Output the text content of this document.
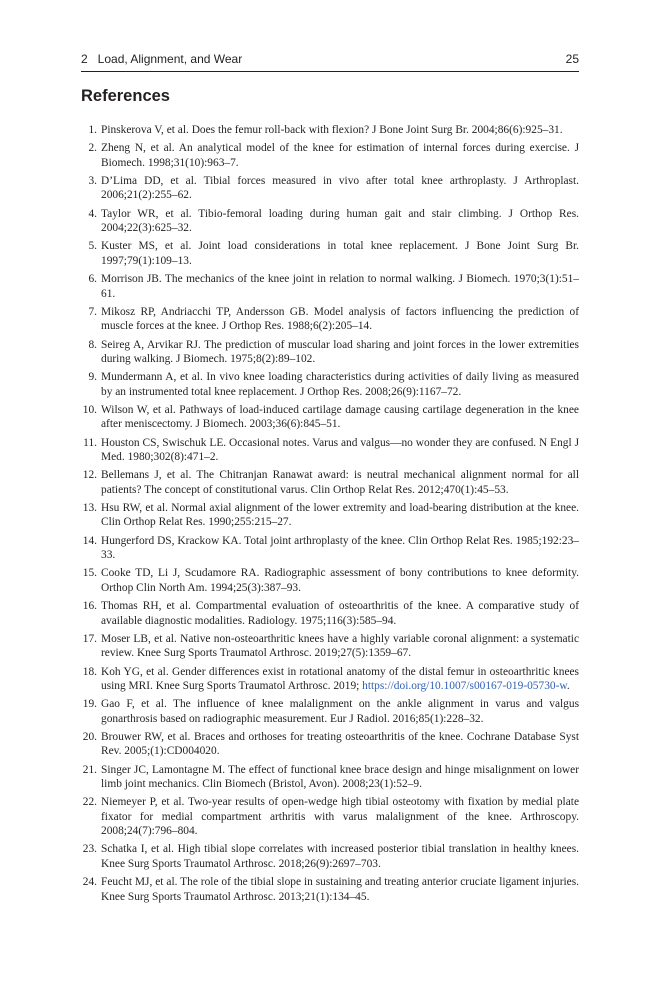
2   Load, Alignment, and Wear	25
References
1. Pinskerova V, et al. Does the femur roll-back with flexion? J Bone Joint Surg Br. 2004;86(6):925–31.
2. Zheng N, et al. An analytical model of the knee for estimation of internal forces during exercise. J Biomech. 1998;31(10):963–7.
3. D’Lima DD, et al. Tibial forces measured in vivo after total knee arthroplasty. J Arthroplast. 2006;21(2):255–62.
4. Taylor WR, et al. Tibio-femoral loading during human gait and stair climbing. J Orthop Res. 2004;22(3):625–32.
5. Kuster MS, et al. Joint load considerations in total knee replacement. J Bone Joint Surg Br. 1997;79(1):109–13.
6. Morrison JB. The mechanics of the knee joint in relation to normal walking. J Biomech. 1970;3(1):51–61.
7. Mikosz RP, Andriacchi TP, Andersson GB. Model analysis of factors influencing the prediction of muscle forces at the knee. J Orthop Res. 1988;6(2):205–14.
8. Seireg A, Arvikar RJ. The prediction of muscular load sharing and joint forces in the lower extremities during walking. J Biomech. 1975;8(2):89–102.
9. Mundermann A, et al. In vivo knee loading characteristics during activities of daily living as measured by an instrumented total knee replacement. J Orthop Res. 2008;26(9):1167–72.
10. Wilson W, et al. Pathways of load-induced cartilage damage causing cartilage degeneration in the knee after meniscectomy. J Biomech. 2003;36(6):845–51.
11. Houston CS, Swischuk LE. Occasional notes. Varus and valgus—no wonder they are confused. N Engl J Med. 1980;302(8):471–2.
12. Bellemans J, et al. The Chitranjan Ranawat award: is neutral mechanical alignment normal for all patients? The concept of constitutional varus. Clin Orthop Relat Res. 2012;470(1):45–53.
13. Hsu RW, et al. Normal axial alignment of the lower extremity and load-bearing distribution at the knee. Clin Orthop Relat Res. 1990;255:215–27.
14. Hungerford DS, Krackow KA. Total joint arthroplasty of the knee. Clin Orthop Relat Res. 1985;192:23–33.
15. Cooke TD, Li J, Scudamore RA. Radiographic assessment of bony contributions to knee deformity. Orthop Clin North Am. 1994;25(3):387–93.
16. Thomas RH, et al. Compartmental evaluation of osteoarthritis of the knee. A comparative study of available diagnostic modalities. Radiology. 1975;116(3):585–94.
17. Moser LB, et al. Native non-osteoarthritic knees have a highly variable coronal alignment: a systematic review. Knee Surg Sports Traumatol Arthrosc. 2019;27(5):1359–67.
18. Koh YG, et al. Gender differences exist in rotational anatomy of the distal femur in osteoarthritic knees using MRI. Knee Surg Sports Traumatol Arthrosc. 2019; https://doi.org/10.1007/s00167-019-05730-w.
19. Gao F, et al. The influence of knee malalignment on the ankle alignment in varus and valgus gonarthrosis based on radiographic measurement. Eur J Radiol. 2016;85(1):228–32.
20. Brouwer RW, et al. Braces and orthoses for treating osteoarthritis of the knee. Cochrane Database Syst Rev. 2005;(1):CD004020.
21. Singer JC, Lamontagne M. The effect of functional knee brace design and hinge misalignment on lower limb joint mechanics. Clin Biomech (Bristol, Avon). 2008;23(1):52–9.
22. Niemeyer P, et al. Two-year results of open-wedge high tibial osteotomy with fixation by medial plate fixator for medial compartment arthritis with varus malalignment of the knee. Arthroscopy. 2008;24(7):796–804.
23. Schatka I, et al. High tibial slope correlates with increased posterior tibial translation in healthy knees. Knee Surg Sports Traumatol Arthrosc. 2018;26(9):2697–703.
24. Feucht MJ, et al. The role of the tibial slope in sustaining and treating anterior cruciate ligament injuries. Knee Surg Sports Traumatol Arthrosc. 2013;21(1):134–45.
